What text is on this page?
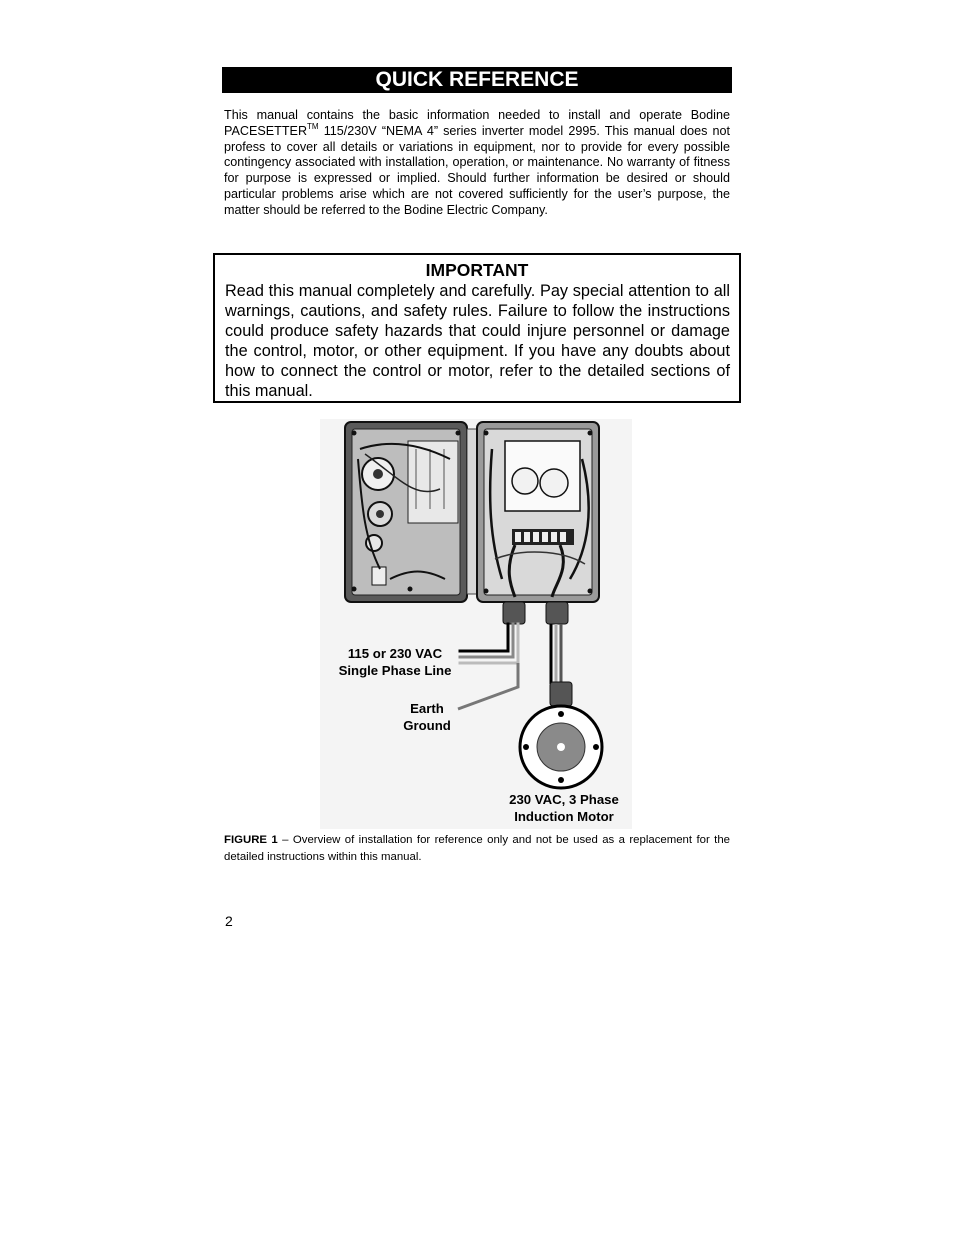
QUICK REFERENCE

This manual contains the basic information needed to install and operate Bodine PACESETTER™ 115/230V “NEMA 4” series inverter model 2995. This manual does not profess to cover all details or variations in equipment, nor to provide for every possible contingency associated with installation, operation, or maintenance. No warranty of fitness for purpose is expressed or implied. Should further information be desired or should particular problems arise which are not covered sufficiently for the user’s purpose, the matter should be referred to the Bodine Electric Company.

IMPORTANT

Read this manual completely and carefully. Pay special attention to all warnings, cautions, and safety rules. Failure to follow the instructions could produce safety hazards that could injure personnel or damage the control, motor, or other equipment. If you have any doubts about how to connect the control or motor, refer to the detailed sections of this manual.

115 or 230 VAC
Single Phase Line
Earth
Ground
230 VAC, 3 Phase
Induction Motor

FIGURE 1 – Overview of installation for reference only and not be used as a replacement for the detailed instructions within this manual.

2
